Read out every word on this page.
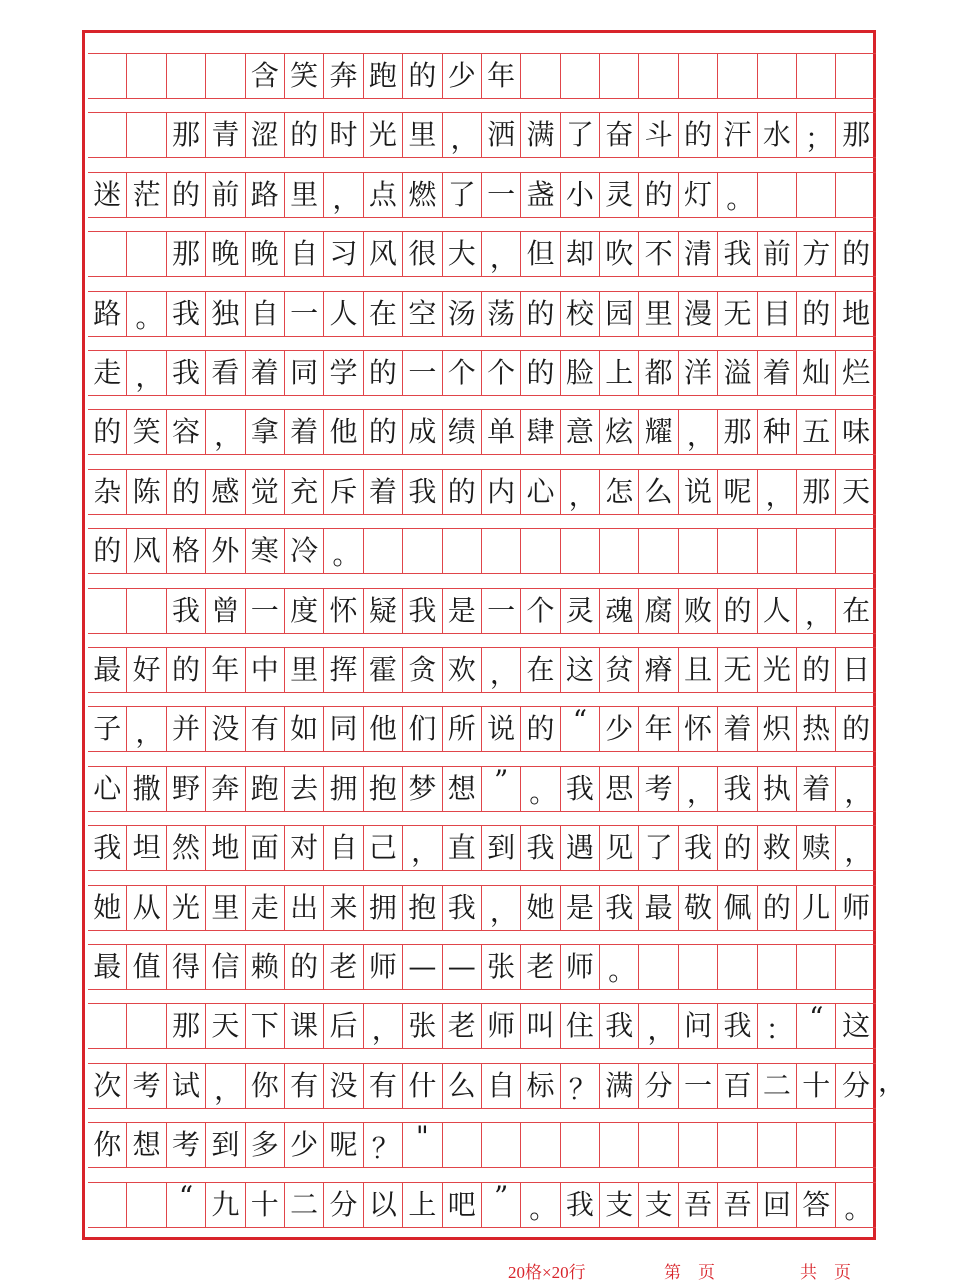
含 笑 奔 跑 的 少 年
那 青 涩 的 时 光 里 ， 洒 满 了 奋 斗 的 汗 水 ； 那
迷 茫 的 前 路 里 ， 点 燃 了 一 盏 小 灵 的 灯 。
那 晚 晚 自 习 风 很 大 ， 但 却 吹 不 清 我 前 方 的
路 。 我 独 自 一 人 在 空 汤 荡 的 校 园 里 漫 无 目 的 地
走 ， 我 看 着 同 学 的 一 个 个 的 脸 上 都 洋 溢 着 灿 烂
的 笑 容 ， 拿 着 他 的 成 绩 单 肆 意 炫 耀 ， 那 种 五 味
杂 陈 的 感 觉 充 斥 着 我 的 内 心 ， 怎 么 说 呢 ， 那 天
的 风 格 外 寒 冷 。
我 曾 一 度 怀 疑 我 是 一 个 灵 魂 腐 败 的 人 ， 在
最 好 的 年 中 里 挥 霍 贪 欢 ， 在 这 贫 瘠 且 无 光 的 日
子 ， 并 没 有 如 同 他 们 所 说 的 “ 少 年 怀 着 炽 热 的
心 撒 野 奔 跑 去 拥 抱 梦 想 ” 。 我 思 考 ， 我 执 着 ，
我 坦 然 地 面 对 自 己 ， 直 到 我 遇 见 了 我 的 救 赎 ，
她 从 光 里 走 出 来 拥 抱 我 ， 她 是 我 最 敬 佩 的 儿 师
最 值 得 信 赖 的 老 师 — — 张 老 师 。
那 天 下 课 后 ， 张 老 师 叫 住 我 ， 问 我 ： “ 这
次 考 试 ， 你 有 没 有 什 么 自 标 ？ 满 分 一 百 二 十 分
你 想 考 到 多 少 呢 ？ "
“ 九 十 二 分 以 上 吧 ” 。 我 支 支 吾 吾 回 答 。
，
20格×20行	第　页	共　页
